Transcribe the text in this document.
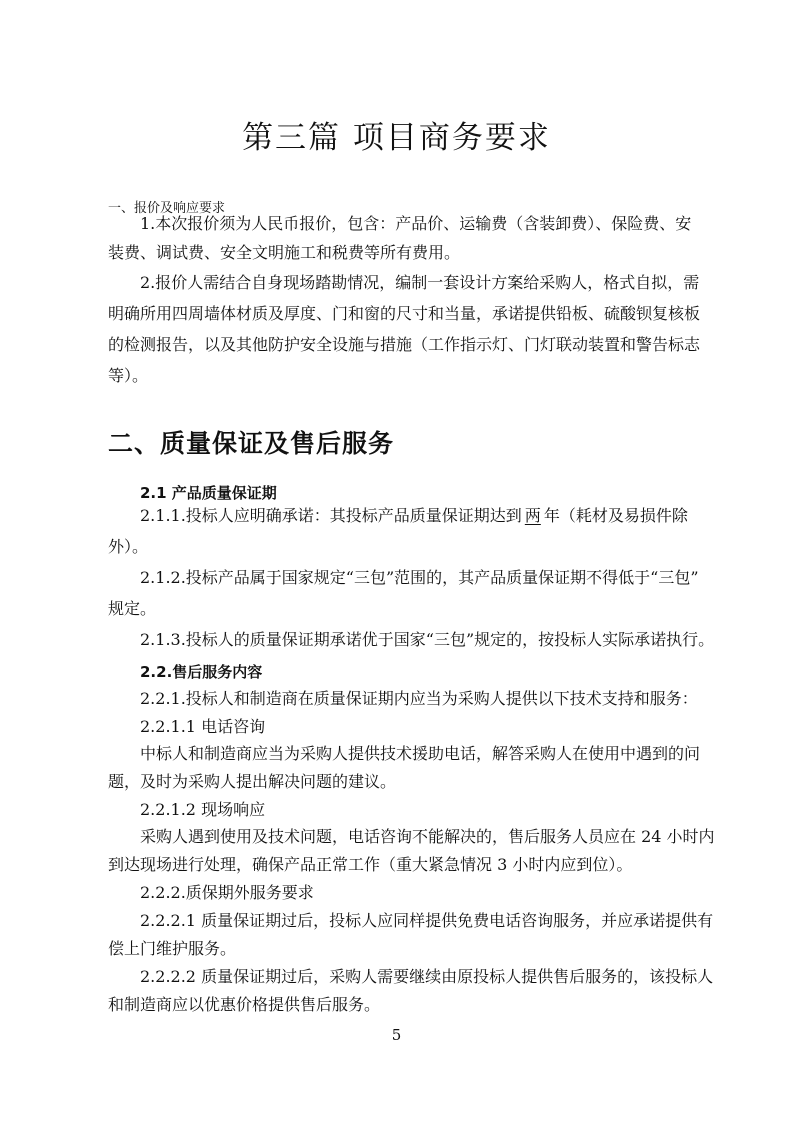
第三篇 项目商务要求
一、报价及响应要求
1.本次报价须为人民币报价，包含：产品价、运输费（含装卸费）、保险费、安
装费、调试费、安全文明施工和税费等所有费用。
2.报价人需结合自身现场踏勘情况，编制一套设计方案给采购人，格式自拟，需
明确所用四周墙体材质及厚度、门和窗的尺寸和当量，承诺提供铅板、硫酸钡复核板
的检测报告，以及其他防护安全设施与措施（工作指示灯、门灯联动装置和警告标志
等）。
二、质量保证及售后服务
2.1 产品质量保证期
2.1.1.投标人应明确承诺：其投标产品质量保证期达到 两 年（耗材及易损件除
外）。
2.1.2.投标产品属于国家规定“三包”范围的，其产品质量保证期不得低于“三包”
规定。
2.1.3.投标人的质量保证期承诺优于国家“三包”规定的，按投标人实际承诺执行。
2.2.售后服务内容
2.2.1.投标人和制造商在质量保证期内应当为采购人提供以下技术支持和服务：
2.2.1.1 电话咨询
中标人和制造商应当为采购人提供技术援助电话，解答采购人在使用中遇到的问
题，及时为采购人提出解决问题的建议。
2.2.1.2 现场响应
采购人遇到使用及技术问题，电话咨询不能解决的，售后服务人员应在 24 小时内
到达现场进行处理，确保产品正常工作（重大紧急情况 3 小时内应到位）。
2.2.2.质保期外服务要求
2.2.2.1 质量保证期过后，投标人应同样提供免费电话咨询服务，并应承诺提供有
偿上门维护服务。
2.2.2.2 质量保证期过后，采购人需要继续由原投标人提供售后服务的，该投标人
和制造商应以优惠价格提供售后服务。
5
